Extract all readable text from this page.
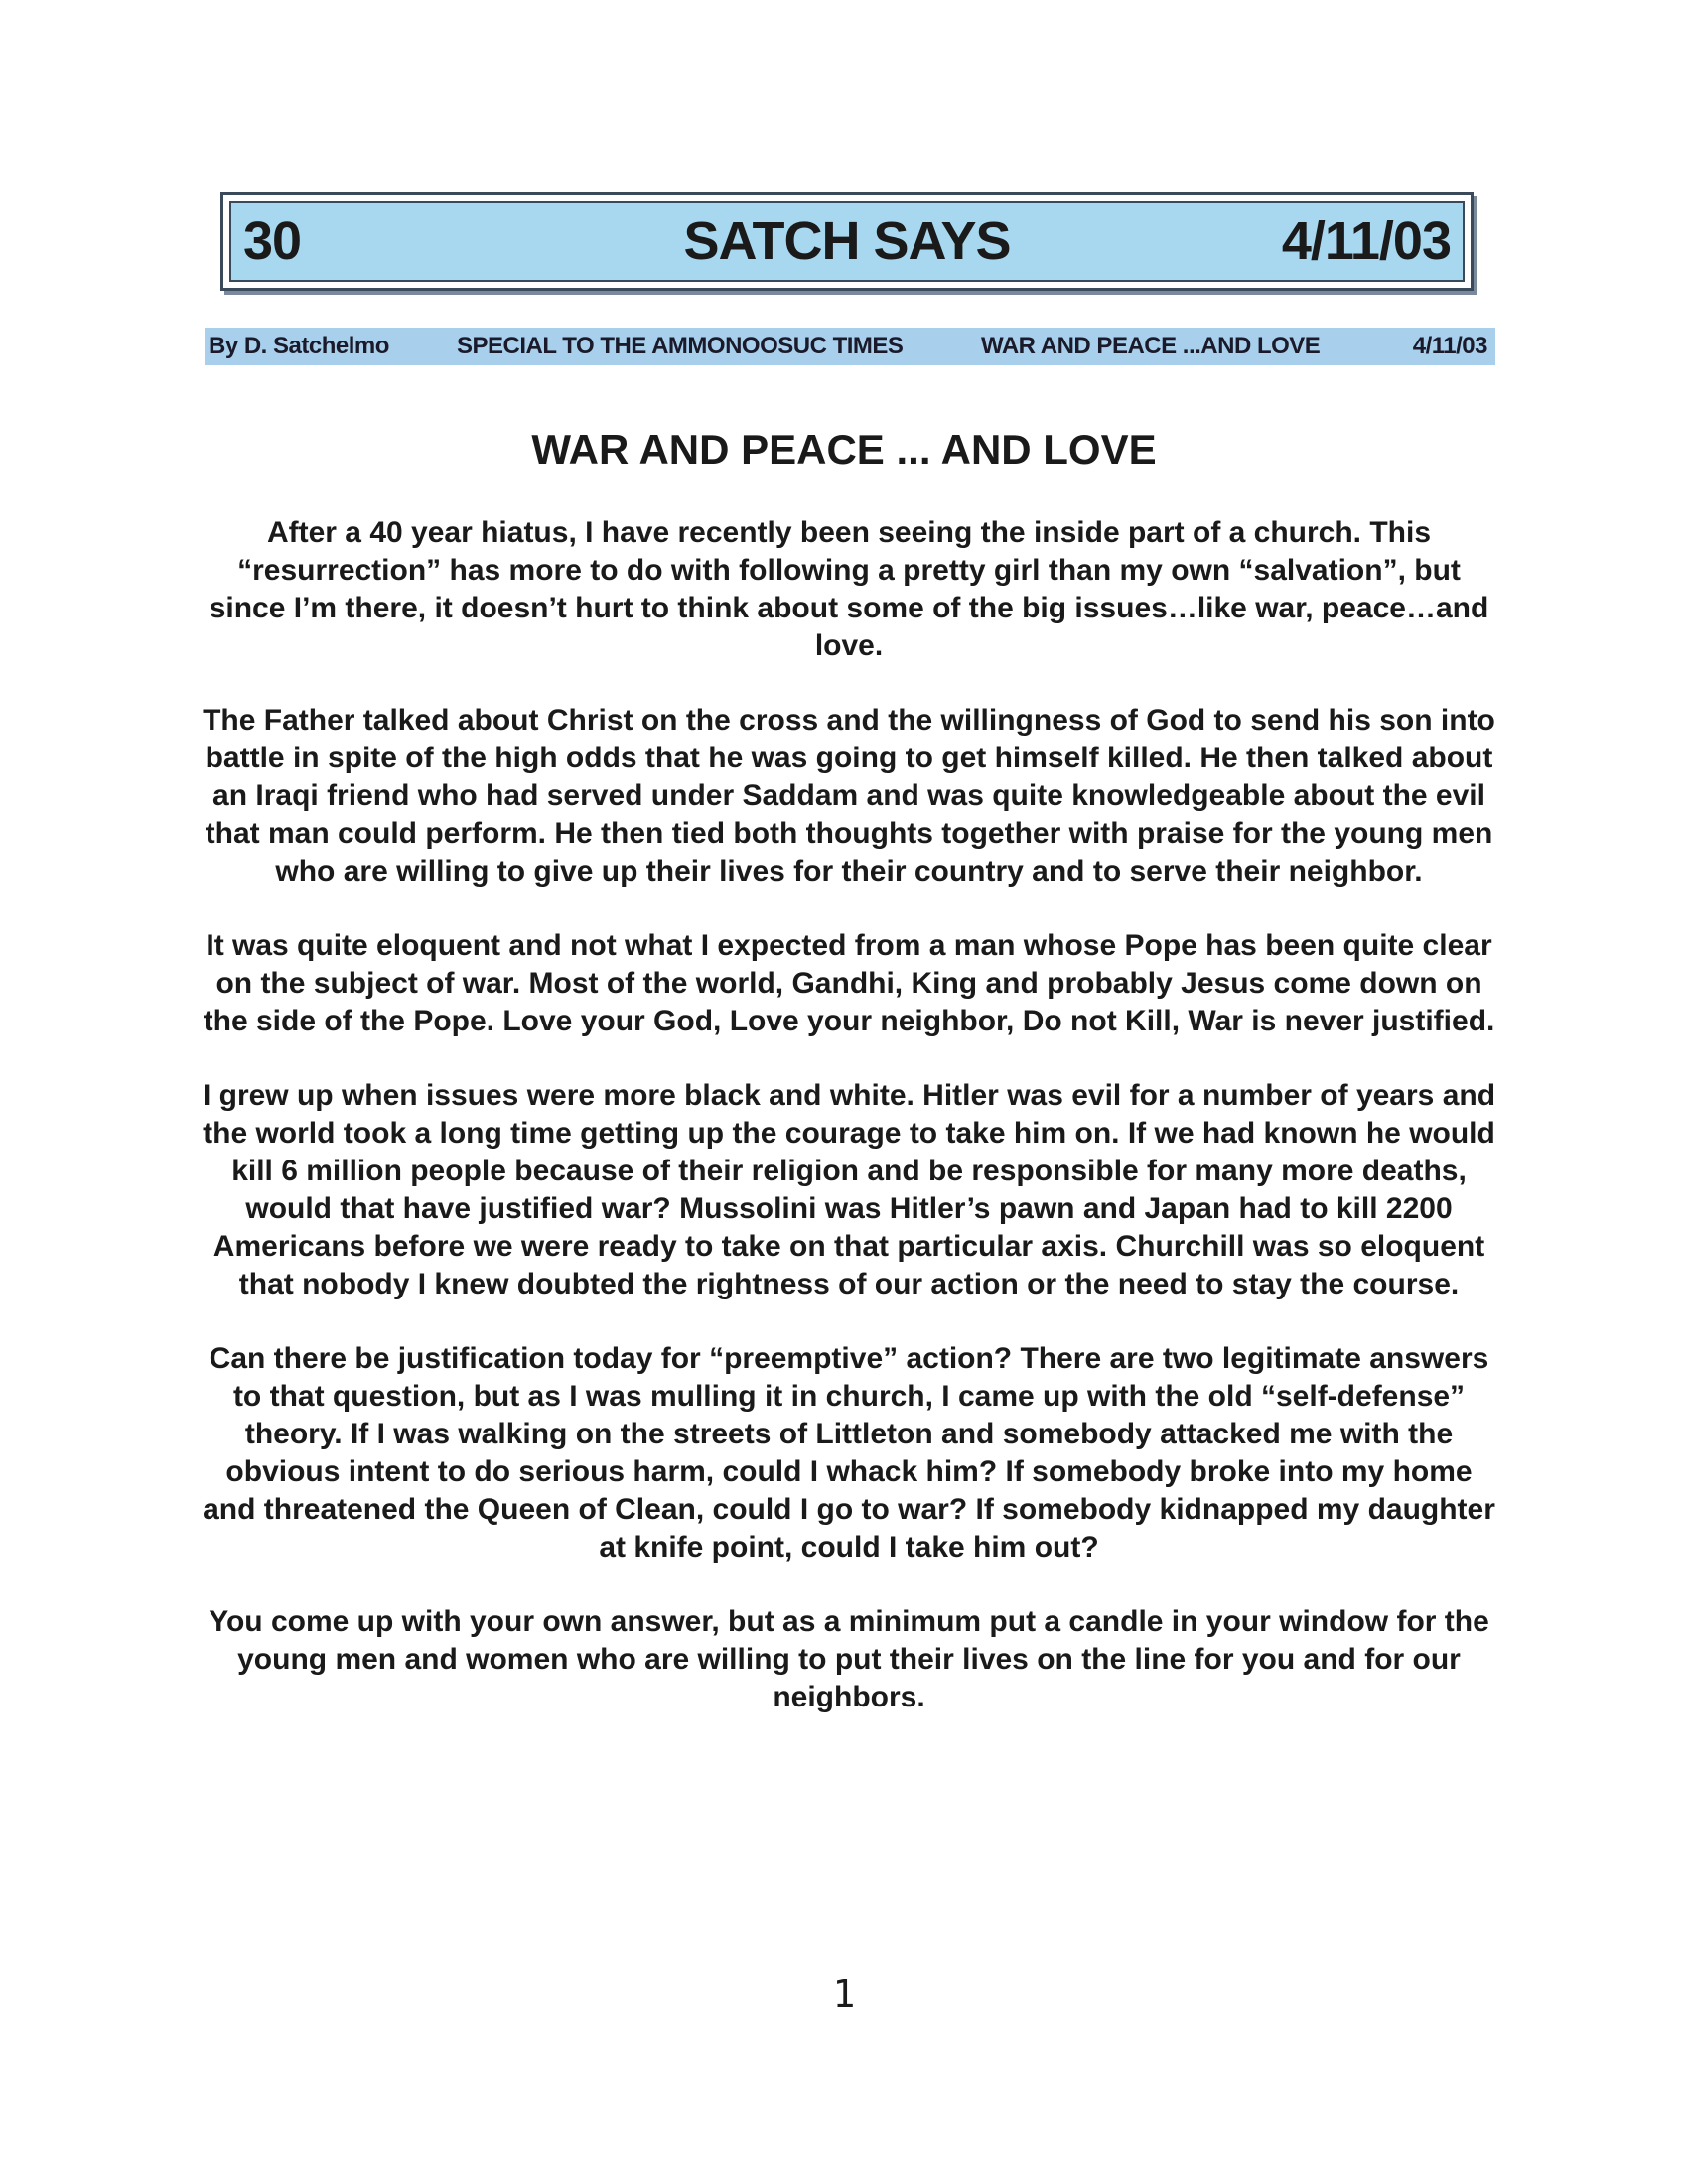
30	SATCH SAYS	4/11/03
By D. Satchelmo	SPECIAL TO THE AMMONOOSUC TIMES	WAR AND PEACE ...AND LOVE	4/11/03
WAR AND PEACE ... AND LOVE

After a 40 year hiatus, I have recently been seeing the inside part of a church. This “resurrection” has more to do with following a pretty girl than my own “salvation”, but since I’m there, it doesn’t hurt to think about some of the big issues…like war, peace…and love.

The Father talked about Christ on the cross and the willingness of God to send his son into battle in spite of the high odds that he was going to get himself killed. He then talked about an Iraqi friend who had served under Saddam and was quite knowledgeable about the evil that man could perform. He then tied both thoughts together with praise for the young men who are willing to give up their lives for their country and to serve their neighbor.

It was quite eloquent and not what I expected from a man whose Pope has been quite clear on the subject of war. Most of the world, Gandhi, King and probably Jesus come down on the side of the Pope. Love your God, Love your neighbor, Do not Kill, War is never justified.

I grew up when issues were more black and white. Hitler was evil for a number of years and the world took a long time getting up the courage to take him on. If we had known he would kill 6 million people because of their religion and be responsible for many more deaths, would that have justified war? Mussolini was Hitler’s pawn and Japan had to kill 2200 Americans before we were ready to take on that particular axis. Churchill was so eloquent that nobody I knew doubted the rightness of our action or the need to stay the course.

Can there be justification today for “preemptive” action? There are two legitimate answers to that question, but as I was mulling it in church, I came up with the old “self-defense” theory. If I was walking on the streets of Littleton and somebody attacked me with the obvious intent to do serious harm, could I whack him? If somebody broke into my home and threatened the Queen of Clean, could I go to war? If somebody kidnapped my daughter at knife point, could I take him out?

You come up with your own answer, but as a minimum put a candle in your window for the young men and women who are willing to put their lives on the line for you and for our neighbors.

1
